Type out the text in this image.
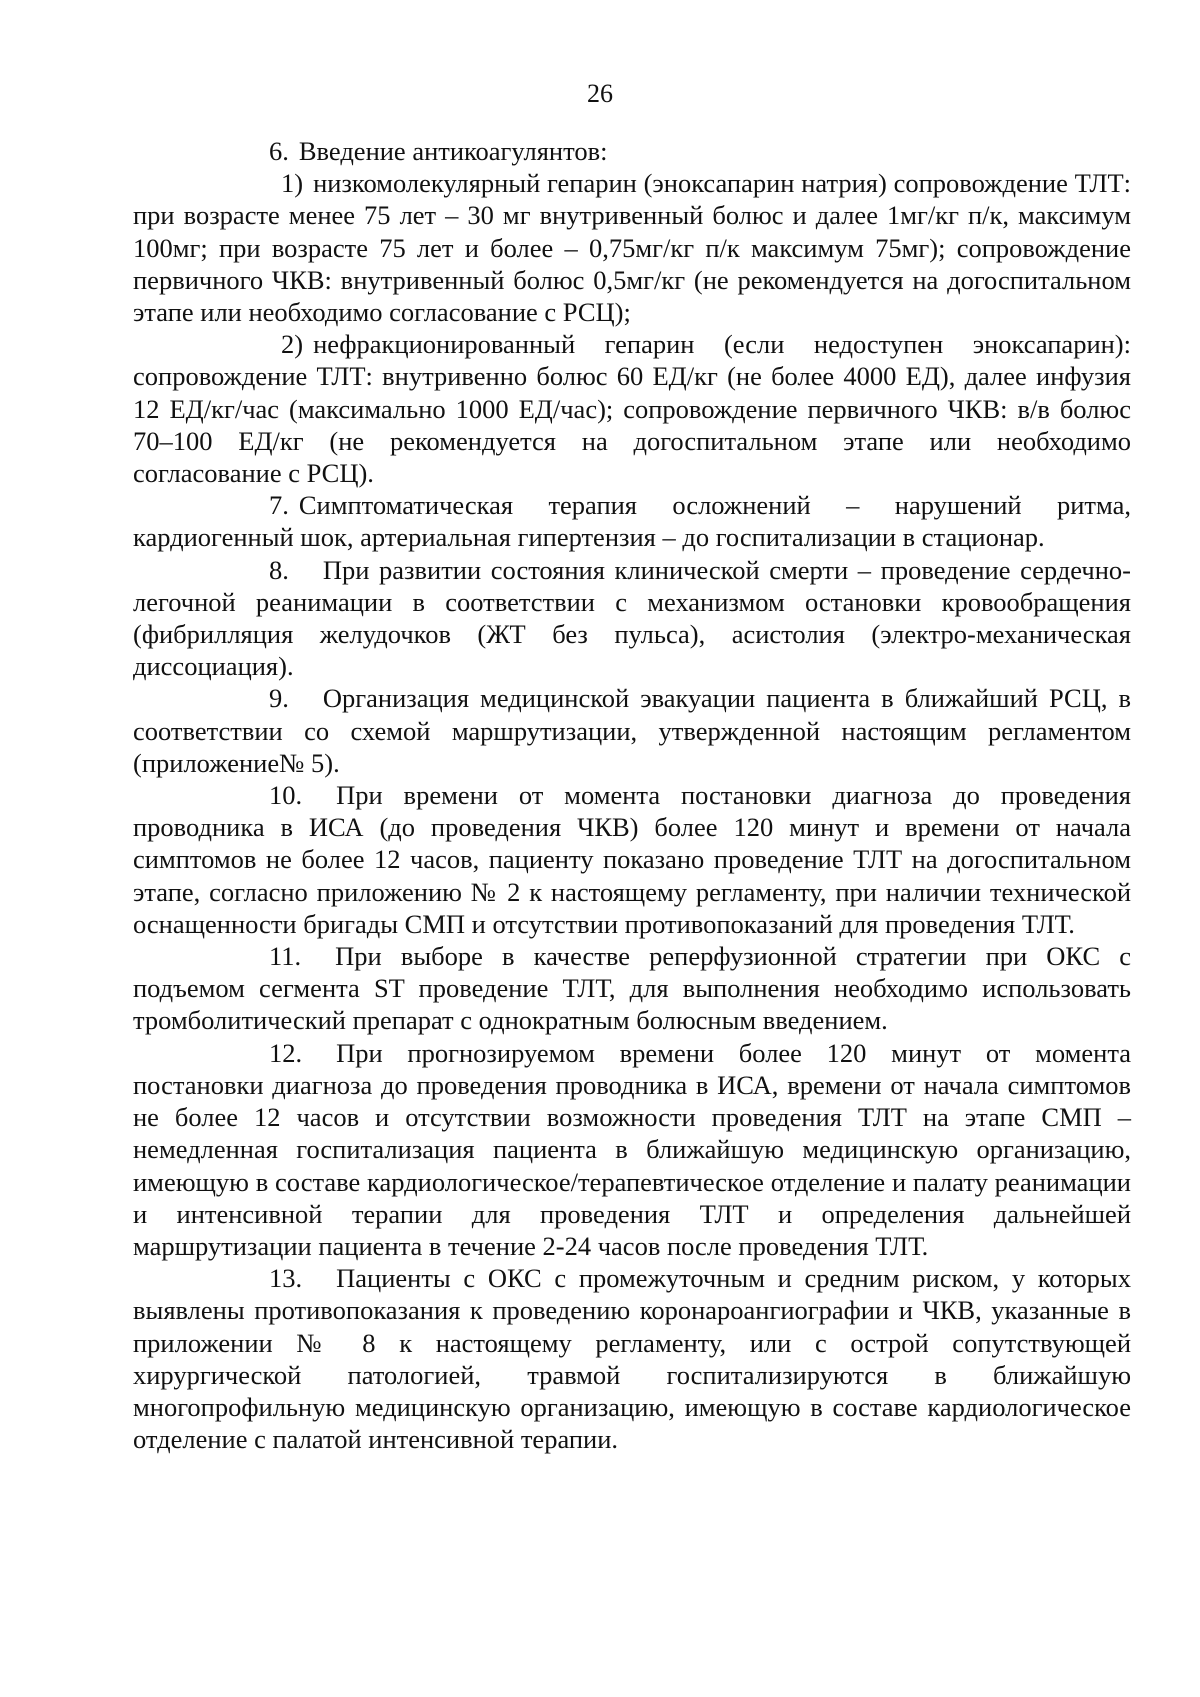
26

6. Введение антикоагулянтов:

1) низкомолекулярный гепарин (эноксапарин натрия) сопровождение ТЛТ: при возрасте менее 75 лет – 30 мг внутривенный болюс и далее 1мг/кг п/к, максимум 100мг; при возрасте 75 лет и более – 0,75мг/кг п/к максимум 75мг); сопровождение первичного ЧКВ: внутривенный болюс 0,5мг/кг (не рекомендуется на догоспитальном этапе или необходимо согласование с РСЦ);

2) нефракционированный гепарин (если недоступен эноксапарин): сопровождение ТЛТ: внутривенно болюс 60 ЕД/кг (не более 4000 ЕД), далее инфузия 12 ЕД/кг/час (максимально 1000 ЕД/час); сопровождение первичного ЧКВ: в/в болюс 70–100 ЕД/кг (не рекомендуется на догоспитальном этапе или необходимо согласование с РСЦ).

7. Симптоматическая терапия осложнений – нарушений ритма, кардиогенный шок, артериальная гипертензия – до госпитализации в стационар.

8. При развитии состояния клинической смерти – проведение сердечно-легочной реанимации в соответствии с механизмом остановки кровообращения (фибрилляция желудочков (ЖТ без пульса), асистолия (электро-механическая диссоциация).

9. Организация медицинской эвакуации пациента в ближайший РСЦ, в соответствии со схемой маршрутизации, утвержденной настоящим регламентом (приложение№ 5).

10. При времени от момента постановки диагноза до проведения проводника в ИСА (до проведения ЧКВ) более 120 минут и времени от начала симптомов не более 12 часов, пациенту показано проведение ТЛТ на догоспитальном этапе, согласно приложению № 2 к настоящему регламенту, при наличии технической оснащенности бригады СМП и отсутствии противопоказаний для проведения ТЛТ.

11. При выборе в качестве реперфузионной стратегии при ОКС с подъемом сегмента ST проведение ТЛТ, для выполнения необходимо использовать тромболитический препарат с однократным болюсным введением.

12. При прогнозируемом времени более 120 минут от момента постановки диагноза до проведения проводника в ИСА, времени от начала симптомов не более 12 часов и отсутствии возможности проведения ТЛТ на этапе СМП – немедленная госпитализация пациента в ближайшую медицинскую организацию, имеющую в составе кардиологическое/терапевтическое отделение и палату реанимации и интенсивной терапии для проведения ТЛТ и определения дальнейшей маршрутизации пациента в течение 2-24 часов после проведения ТЛТ.

13. Пациенты с ОКС с промежуточным и средним риском, у которых выявлены противопоказания к проведению коронароангиографии и ЧКВ, указанные в приложении № 8 к настоящему регламенту, или с острой сопутствующей хирургической патологией, травмой госпитализируются в ближайшую многопрофильную медицинскую организацию, имеющую в составе кардиологическое отделение с палатой интенсивной терапии.
